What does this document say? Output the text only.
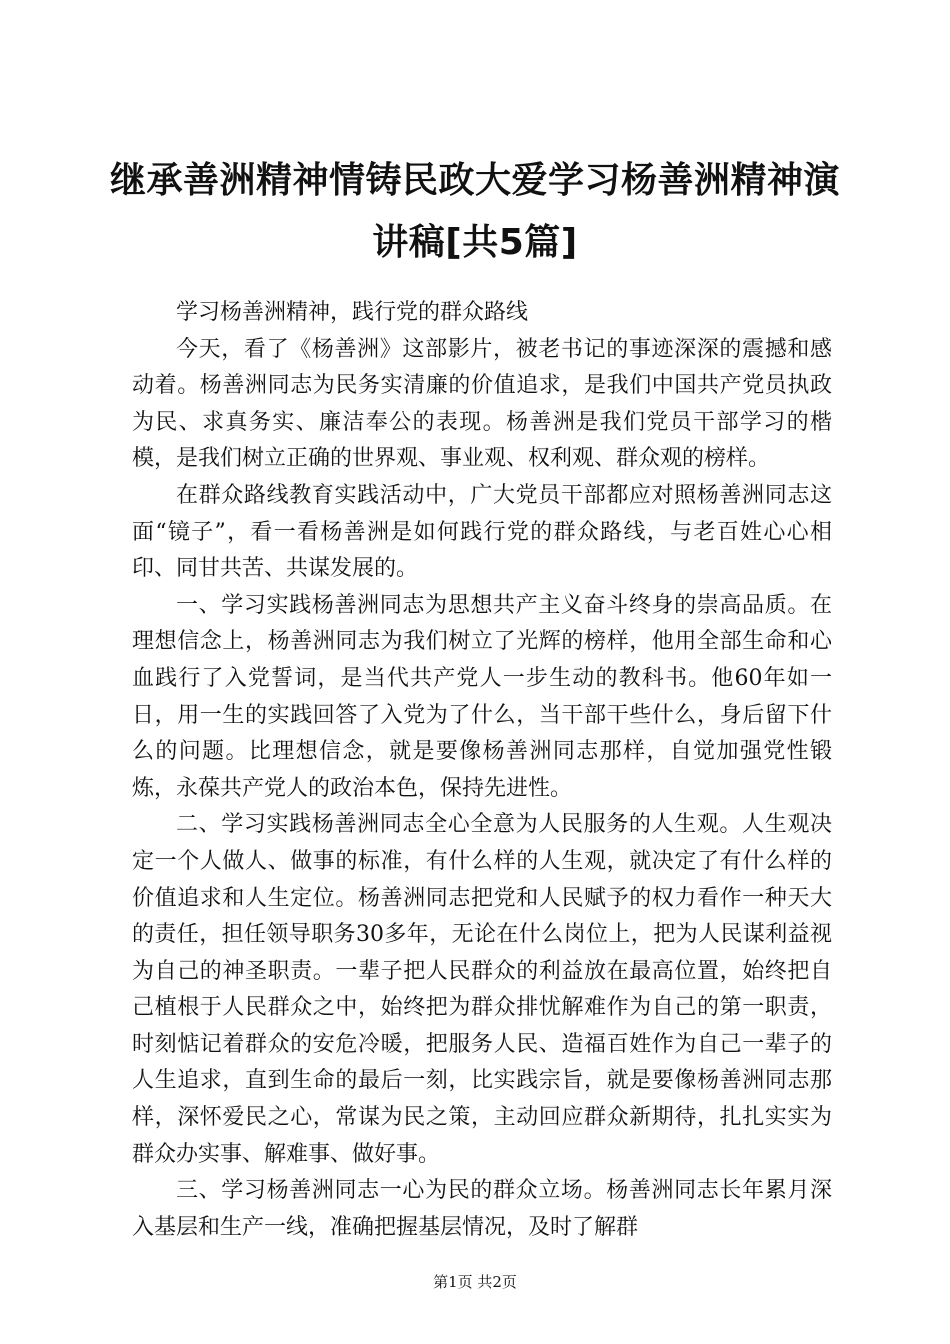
继承善洲精神情铸民政大爱学习杨善洲精神演讲稿[共5篇]

学习杨善洲精神，践行党的群众路线

今天，看了《杨善洲》这部影片，被老书记的事迹深深的震撼和感动着。杨善洲同志为民务实清廉的价值追求，是我们中国共产党员执政为民、求真务实、廉洁奉公的表现。杨善洲是我们党员干部学习的楷模，是我们树立正确的世界观、事业观、权利观、群众观的榜样。

在群众路线教育实践活动中，广大党员干部都应对照杨善洲同志这面“镜子”，看一看杨善洲是如何践行党的群众路线，与老百姓心心相印、同甘共苦、共谋发展的。

一、学习实践杨善洲同志为思想共产主义奋斗终身的崇高品质。在理想信念上，杨善洲同志为我们树立了光辉的榜样，他用全部生命和心血践行了入党誓词，是当代共产党人一步生动的教科书。他60年如一日，用一生的实践回答了入党为了什么，当干部干些什么，身后留下什么的问题。比理想信念，就是要像杨善洲同志那样，自觉加强党性锻炼，永葆共产党人的政治本色，保持先进性。

二、学习实践杨善洲同志全心全意为人民服务的人生观。人生观决定一个人做人、做事的标准，有什么样的人生观，就决定了有什么样的价值追求和人生定位。杨善洲同志把党和人民赋予的权力看作一种天大的责任，担任领导职务30多年，无论在什么岗位上，把为人民谋利益视为自己的神圣职责。一辈子把人民群众的利益放在最高位置，始终把自己植根于人民群众之中，始终把为群众排忧解难作为自己的第一职责，时刻惦记着群众的安危冷暖，把服务人民、造福百姓作为自己一辈子的人生追求，直到生命的最后一刻，比实践宗旨，就是要像杨善洲同志那样，深怀爱民之心，常谋为民之策，主动回应群众新期待，扎扎实实为群众办实事、解难事、做好事。

三、学习杨善洲同志一心为民的群众立场。杨善洲同志长年累月深入基层和生产一线，准确把握基层情况，及时了解群

第1页 共2页
